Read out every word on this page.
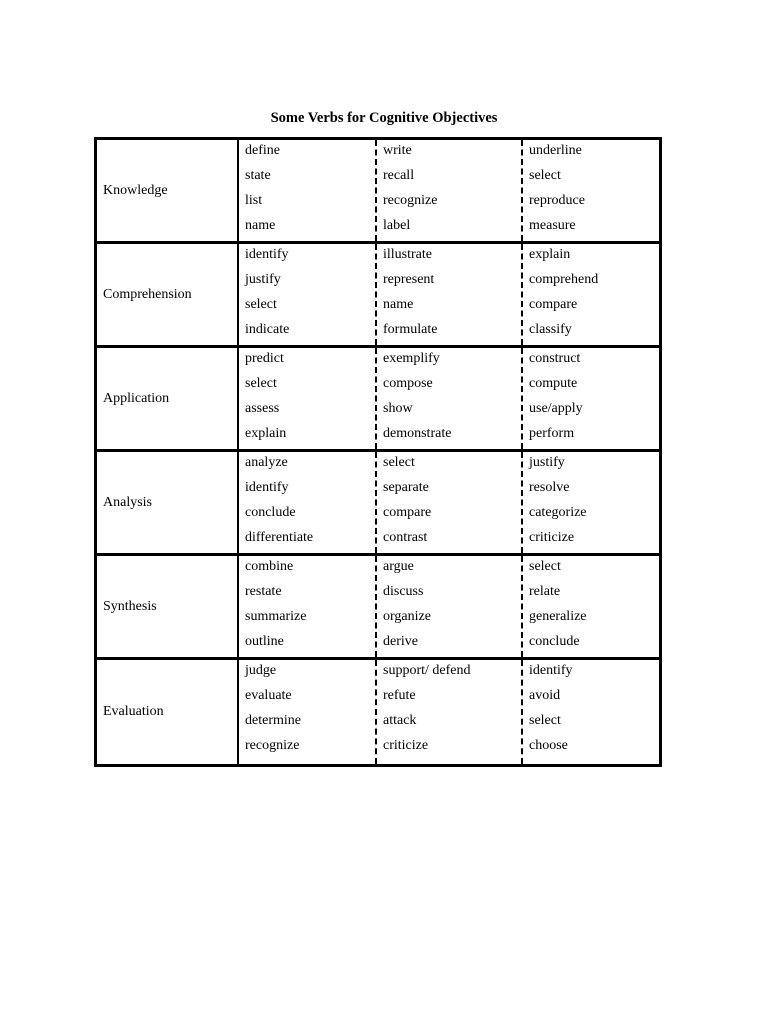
Some Verbs for Cognitive Objectives
Knowledge
define
state
list
name
write
recall
recognize
label
underline
select
reproduce
measure
Comprehension
identify
justify
select
indicate
illustrate
represent
name
formulate
explain
comprehend
compare
classify
Application
predict
select
assess
explain
exemplify
compose
show
demonstrate
construct
compute
use/apply
perform
Analysis
analyze
identify
conclude
differentiate
select
separate
compare
contrast
justify
resolve
categorize
criticize
Synthesis
combine
restate
summarize
outline
argue
discuss
organize
derive
select
relate
generalize
conclude
Evaluation
judge
evaluate
determine
recognize
support/ defend
refute
attack
criticize
identify
avoid
select
choose
